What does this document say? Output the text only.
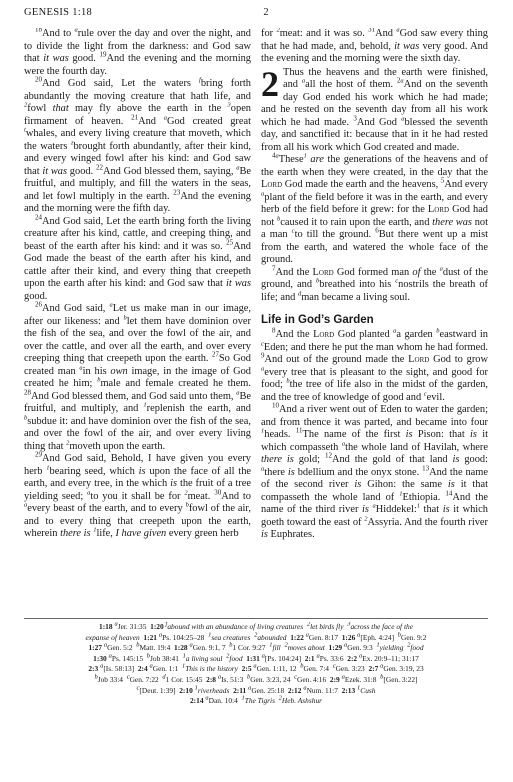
GENESIS 1:18	2

$^{18}$And to $^a$rule over the day and over the night, and to divide the light from the darkness: and God saw that it was good. $^{19}$And the evening and the morning were the fourth day.

$^{20}$And God said, Let the waters $^f$bring forth abundantly the moving creature that hath life, and $^2$fowl that may fly above the earth in the $^3$open firmament of heaven. $^{21}$And $^a$God created great $^t$whales, and every living creature that moveth, which the waters $^z$brought forth abundantly, after their kind, and every winged fowl after his kind: and God saw that it was good. $^{22}$And God blessed them, saying, $^a$Be fruitful, and multiply, and fill the waters in the seas, and let fowl multiply in the earth. $^{23}$And the evening and the morning were the fifth day.

$^{24}$And God said, Let the earth bring forth the living creature after his kind, cattle, and creeping thing, and beast of the earth after his kind: and it was so. $^{25}$And God made the beast of the earth after his kind, and cattle after their kind, and every thing that creepeth upon the earth after his kind: and God saw that it was good.

$^{26}$And God said, $^a$Let us make man in our image, after our likeness: and $^b$let them have dominion over the fish of the sea, and over the fowl of the air, and over the cattle, and over all the earth, and over every creeping thing that creepeth upon the earth. $^{27}$So God created man $^a$in his own image, in the image of God created he him; $^b$male and female created he them. $^{28}$And God blessed them, and God said unto them, $^a$Be fruitful, and multiply, and $^1$replenish the earth, and $^b$subdue it: and have dominion over the fish of the sea, and over the fowl of the air, and over every living thing that $^2$moveth upon the earth.

$^{29}$And God said, Behold, I have given you every herb $^1$bearing seed, which is upon the face of all the earth, and every tree, in the which is the fruit of a tree yielding seed; $^a$to you it shall be for $^2$meat. $^{30}$And to $^a$every beast of the earth, and to every $^b$fowl of the air, and to every thing that creepeth upon the earth, wherein there is $^1$life, I have given every green herb

for $^2$meat: and it was so. $^{31}$And $^a$God saw every thing that he had made, and, behold, it was very good. And the evening and the morning were the sixth day.

2 Thus the heavens and the earth were finished, and $^a$all the host of them. $^{2a}$And on the seventh day God ended his work which he had made; and he rested on the seventh day from all his work which he had made. $^3$And God $^a$blessed the seventh day, and sanctified it: because that in it he had rested from all his work which God created and made.

$^{4a}$These$^1$ are the generations of the heavens and of the earth when they were created, in the day that the Lord God made the earth and the heavens, $^5$And every $^a$plant of the field before it was in the earth, and every herb of the field before it grew: for the Lord God had not $^b$caused it to rain upon the earth, and there was not a man $^c$to till the ground. $^6$But there went up a mist from the earth, and watered the whole face of the ground.

$^7$And the Lord God formed man of the $^a$dust of the ground, and $^b$breathed into his $^c$nostrils the breath of life; and $^d$man became a living soul.

Life in God’s Garden

$^8$And the Lord God planted $^a$a garden $^b$eastward in $^c$Eden; and there he put the man whom he had formed. $^9$And out of the ground made the Lord God to grow $^a$every tree that is pleasant to the sight, and good for food; $^b$the tree of life also in the midst of the garden, and the tree of knowledge of good and $^c$evil.

$^{10}$And a river went out of Eden to water the garden; and from thence it was parted, and became into four $^1$heads. $^{11}$The name of the first is Pison: that is it which compasseth $^a$the whole land of Havilah, where there is gold; $^{12}$And the gold of that land is good: $^a$there is bdellium and the onyx stone. $^{13}$And the name of the second river is Gihon: the same is it that compasseth the whole land of $^1$Ethiopia. $^{14}$And the name of the third river is $^a$Hiddekel:$^1$ that is it which goeth toward the east of $^2$Assyria. And the fourth river is Euphrates.

1:18 aJer. 31:35  1:20 fabound with an abundance of living creatures 2let birds fly 3across the face of the
expanse of heaven 1:21 aPs. 104:25–28  1sea creatures 2abounded 1:22 aGen. 8:17  1:26 a[Eph. 4:24]  bGen. 9:2
1:27 aGen. 5:2  bMatt. 19:4  1:28 aGen. 9:1, 7  b1 Cor. 9:27  1fill 2moves about 1:29 aGen. 9:3  1yielding 2food
1:30 aPs. 145:15  bJob 38:41  1a living soul 2food 1:31 a[Ps. 104:24]  2:1 aPs. 33:6  2:2 aEx. 20:9–11; 31:17
2:3 a[Is. 58:13]  2:4 aGen. 1:1  1This is the history 2:5 aGen. 1:11, 12  bGen. 7:4  cGen. 3:23  2:7 aGen. 3:19, 23
bJob 33:4  cGen. 7:22  d1 Cor. 15:45  2:8 aIs. 51:3  bGen. 3:23, 24  cGen. 4:16  2:9 aEzek. 31:8  b[Gen. 3:22]
c[Deut. 1:39]  2:10 1riverheads 2:11 aGen. 25:18  2:12 aNum. 11:7  2:13 1Cush
2:14 aDan. 10:4  1The Tigris 2Heb. Ashshur
